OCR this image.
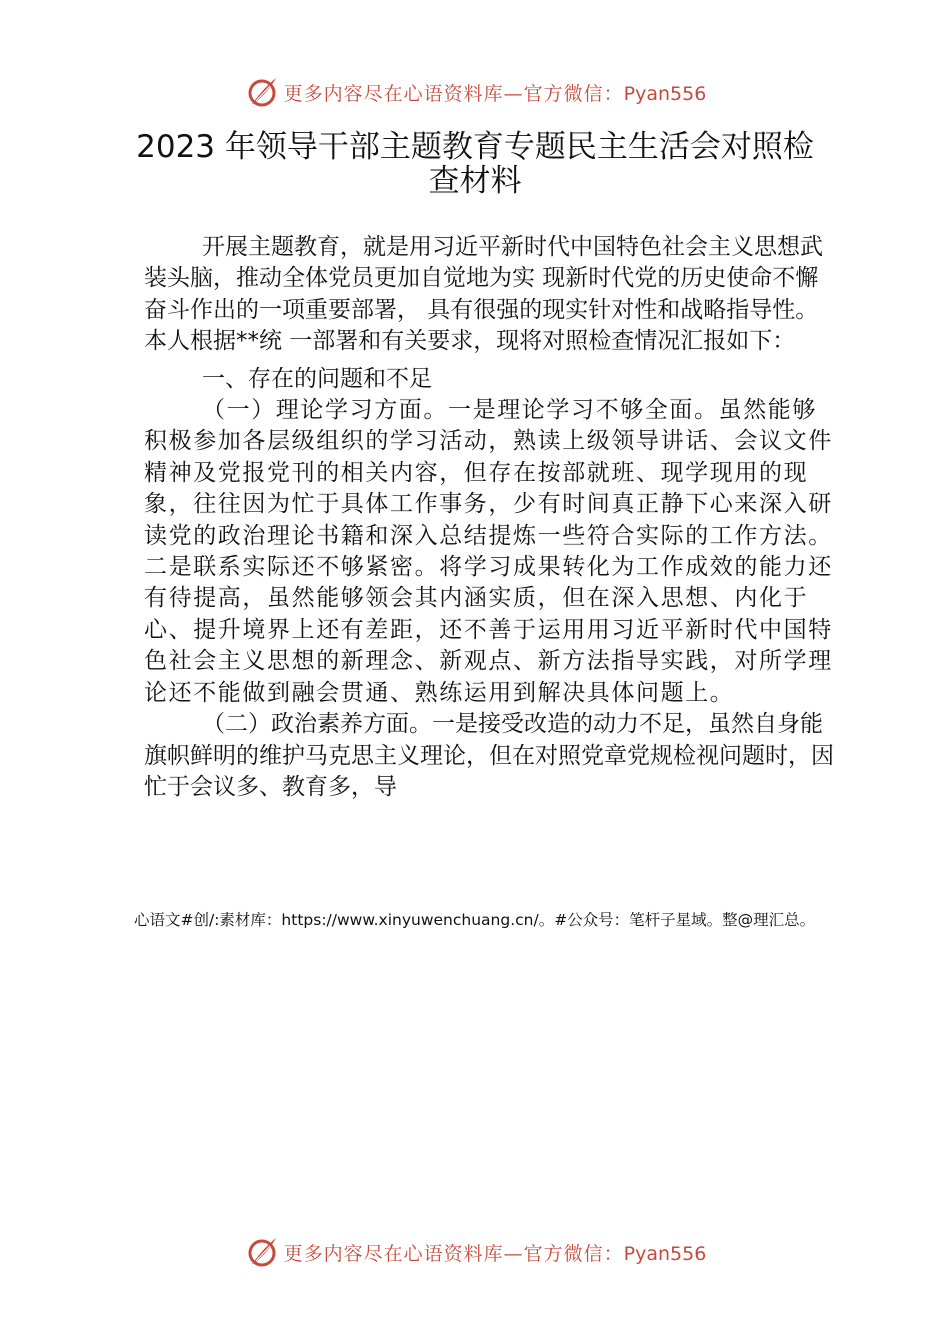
更多内容尽在心语资料库—官方微信：Pyan556
2023 年领导干部主题教育专题民主生活会对照检查材料

开展主题教育，就是用习近平新时代中国特色社会主义思想武装头脑，推动全体党员更加自觉地为实 现新时代党的历史使命不懈奋斗作出的一项重要部署， 具有很强的现实针对性和战略指导性。本人根据**统 一部署和有关要求，现将对照检查情况汇报如下：

一、存在的问题和不足

（一）理论学习方面。一是理论学习不够全面。虽然能够积极参加各层级组织的学习活动，熟读上级领导讲话、会议文件精神及党报党刊的相关内容，但存在按部就班、现学现用的现象，往往因为忙于具体工作事务，少有时间真正静下心来深入研读党的政治理论书籍和深入总结提炼一些符合实际的工作方法。二是联系实际还不够紧密。将学习成果转化为工作成效的能力还有待提高，虽然能够领会其内涵实质，但在深入思想、内化于心、提升境界上还有差距，还不善于运用用习近平新时代中国特色社会主义思想的新理念、新观点、新方法指导实践，对所学理论还不能做到融会贯通、熟练运用到解决具体问题上。

（二）政治素养方面。一是接受改造的动力不足，虽然自身能旗帜鲜明的维护马克思主义理论，但在对照党章党规检视问题时，因忙于会议多、教育多，导

心语文#创/:素材库：https://www.xinyuwenchuang.cn/。#公众号：笔杆子星域。整@理汇总。
更多内容尽在心语资料库—官方微信：Pyan556
